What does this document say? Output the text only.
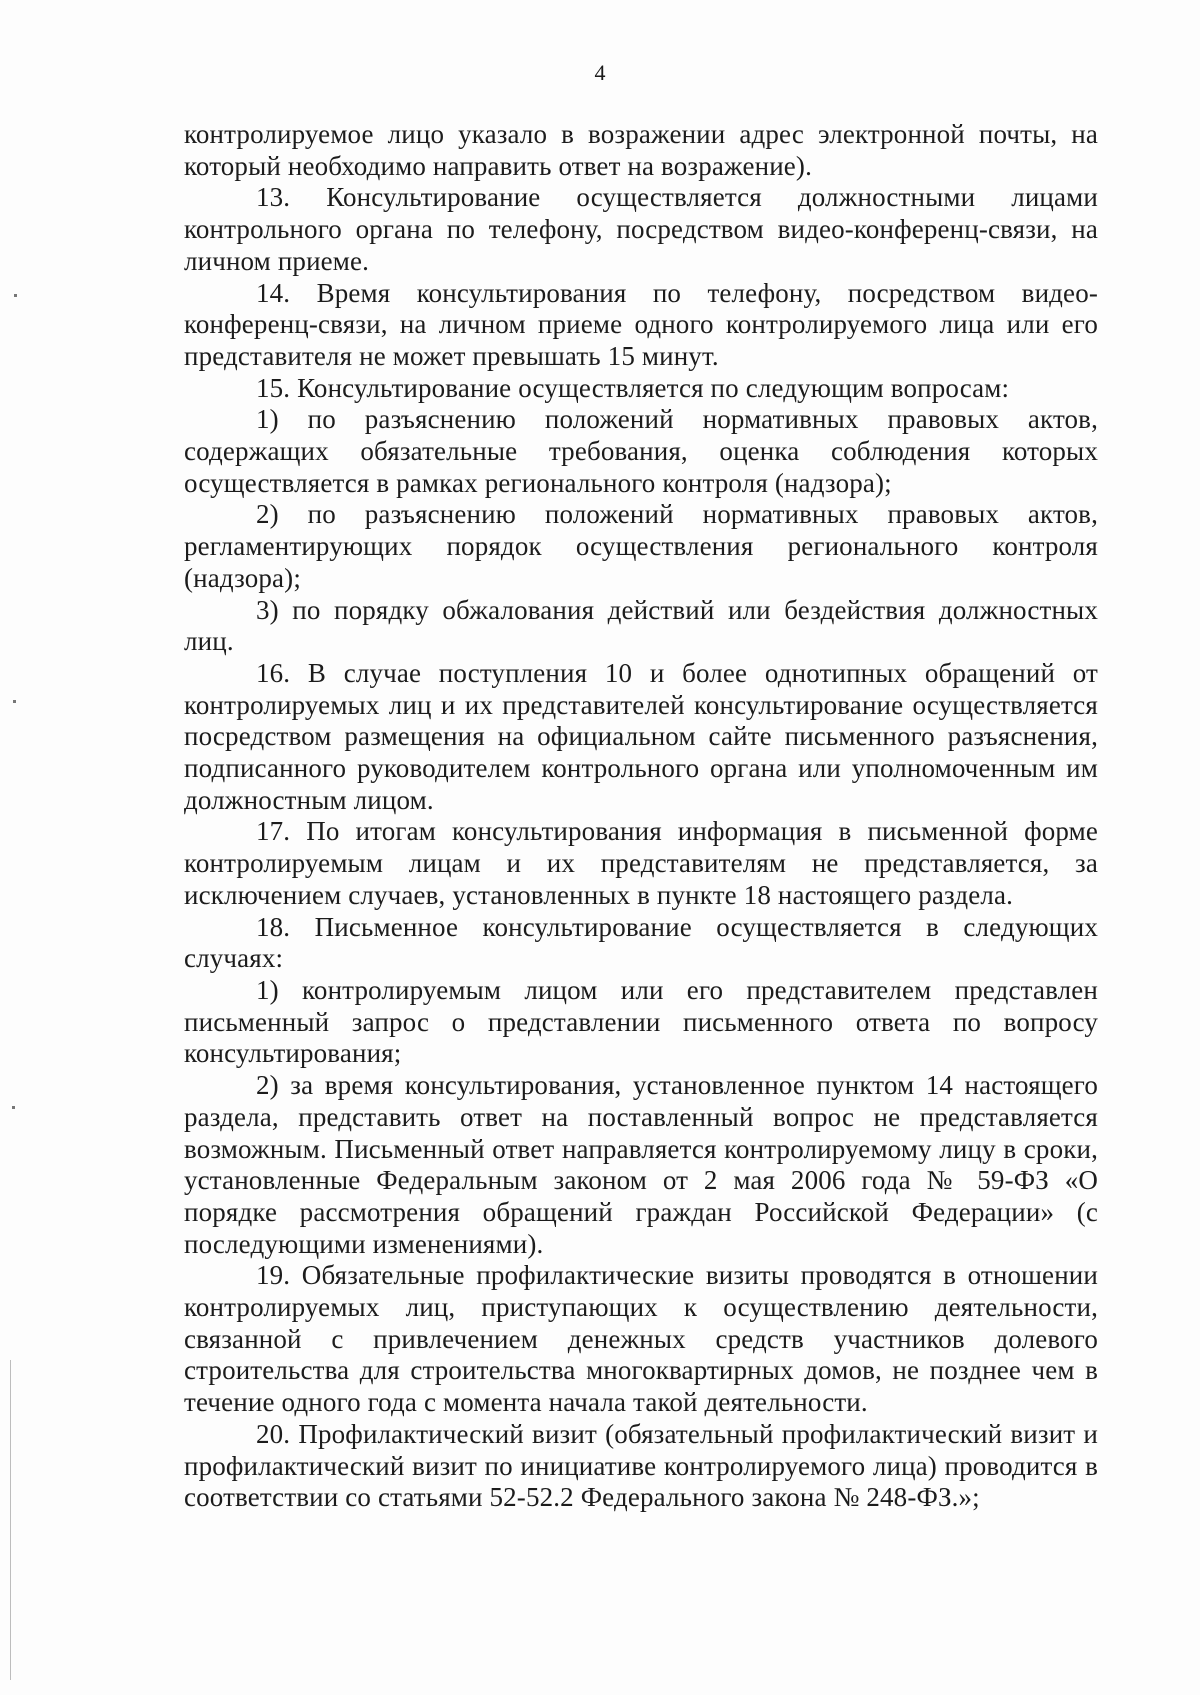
4

контролируемое лицо указало в возражении адрес электронной почты, на который необходимо направить ответ на возражение).

13. Консультирование осуществляется должностными лицами контрольного органа по телефону, посредством видео-конференц-связи, на личном приеме.

14. Время консультирования по телефону, посредством видео-конференц-связи, на личном приеме одного контролируемого лица или его представителя не может превышать 15 минут.

15. Консультирование осуществляется по следующим вопросам:

1) по разъяснению положений нормативных правовых актов, содержащих обязательные требования, оценка соблюдения которых осуществляется в рамках регионального контроля (надзора);

2) по разъяснению положений нормативных правовых актов, регламентирующих порядок осуществления регионального контроля (надзора);

3) по порядку обжалования действий или бездействия должностных лиц.

16. В случае поступления 10 и более однотипных обращений от контролируемых лиц и их представителей консультирование осуществляется посредством размещения на официальном сайте письменного разъяснения, подписанного руководителем контрольного органа или уполномоченным им должностным лицом.

17. По итогам консультирования информация в письменной форме контролируемым лицам и их представителям не представляется, за исключением случаев, установленных в пункте 18 настоящего раздела.

18. Письменное консультирование осуществляется в следующих случаях:

1) контролируемым лицом или его представителем представлен письменный запрос о представлении письменного ответа по вопросу консультирования;

2) за время консультирования, установленное пунктом 14 настоящего раздела, представить ответ на поставленный вопрос не представляется возможным. Письменный ответ направляется контролируемому лицу в сроки, установленные Федеральным законом от 2 мая 2006 года № 59-ФЗ «О порядке рассмотрения обращений граждан Российской Федерации» (с последующими изменениями).

19. Обязательные профилактические визиты проводятся в отношении контролируемых лиц, приступающих к осуществлению деятельности, связанной с привлечением денежных средств участников долевого строительства для строительства многоквартирных домов, не позднее чем в течение одного года с момента начала такой деятельности.

20. Профилактический визит (обязательный профилактический визит и профилактический визит по инициативе контролируемого лица) проводится в соответствии со статьями 52-52.2 Федерального закона № 248-ФЗ.»;
